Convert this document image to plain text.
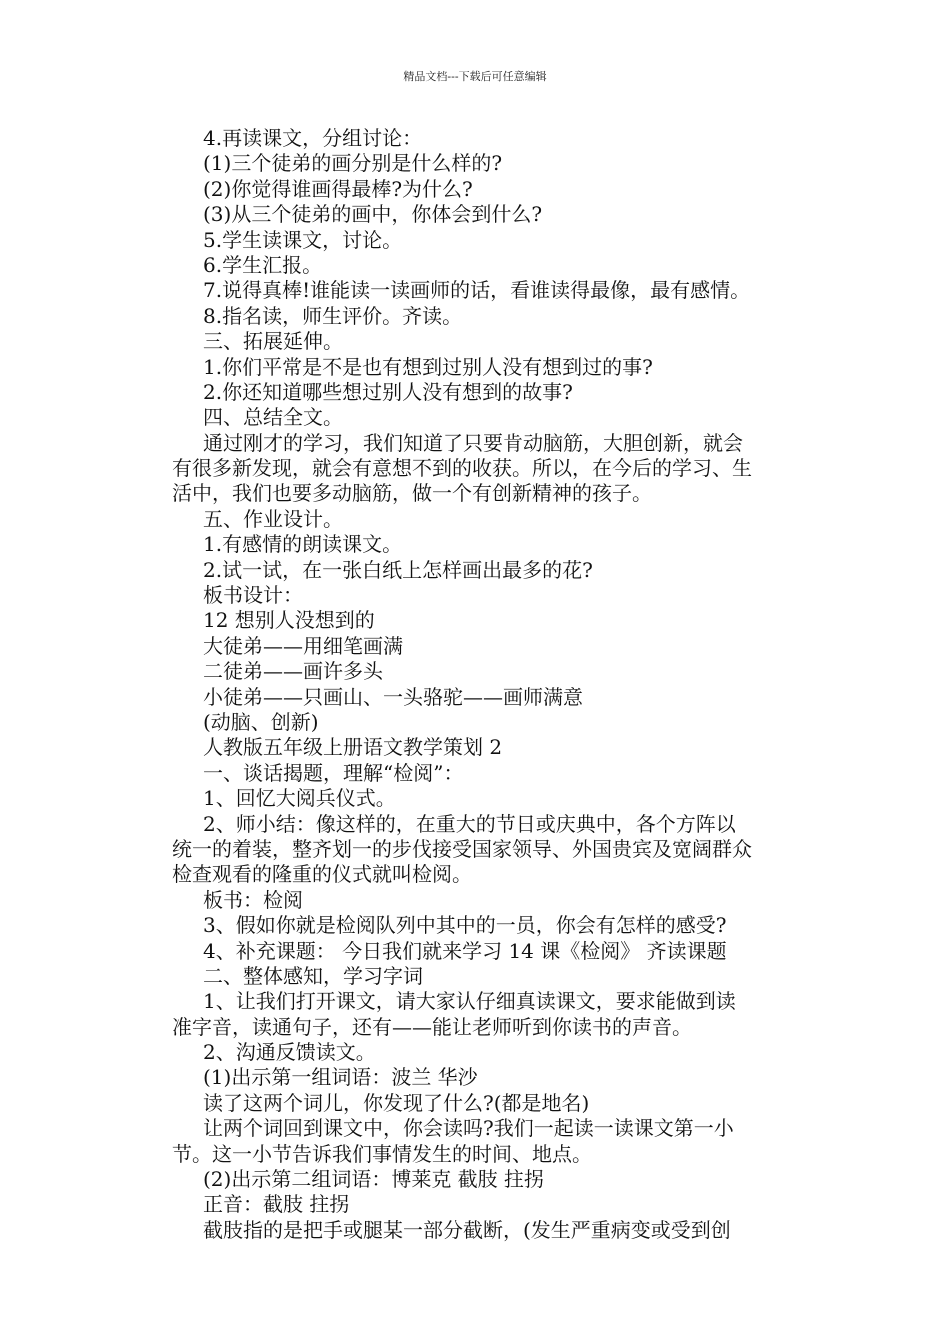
精品文档---下载后可任意编辑
4.再读课文，分组讨论：
(1)三个徒弟的画分别是什么样的?
(2)你觉得谁画得最棒?为什么?
(3)从三个徒弟的画中，你体会到什么?
5.学生读课文，讨论。
6.学生汇报。
7.说得真棒!谁能读一读画师的话，看谁读得最像，最有感情。
8.指名读，师生评价。齐读。
三、拓展延伸。
1.你们平常是不是也有想到过别人没有想到过的事?
2.你还知道哪些想过别人没有想到的故事?
四、总结全文。
通过刚才的学习，我们知道了只要肯动脑筋，大胆创新，就会
有很多新发现，就会有意想不到的收获。所以，在今后的学习、生
活中，我们也要多动脑筋，做一个有创新精神的孩子。
五、作业设计。
1.有感情的朗读课文。
2.试一试，在一张白纸上怎样画出最多的花?
板书设计：
12 想别人没想到的
大徒弟——用细笔画满
二徒弟——画许多头
小徒弟——只画山、一头骆驼——画师满意
(动脑、创新)
人教版五年级上册语文教学策划 2
一、谈话揭题，理解“检阅”：
1、回忆大阅兵仪式。
2、师小结：像这样的，在重大的节日或庆典中，各个方阵以
统一的着装，整齐划一的步伐接受国家领导、外国贵宾及宽阔群众
检查观看的隆重的仪式就叫检阅。
板书：检阅
3、假如你就是检阅队列中其中的一员，你会有怎样的感受?
4、补充课题： 今日我们就来学习 14 课《检阅》 齐读课题
二、整体感知，学习字词
1、让我们打开课文，请大家认仔细真读课文，要求能做到读
准字音，读通句子，还有——能让老师听到你读书的声音。
2、沟通反馈读文。
(1)出示第一组词语：波兰 华沙
读了这两个词儿，你发现了什么?(都是地名)
让两个词回到课文中，你会读吗?我们一起读一读课文第一小
节。这一小节告诉我们事情发生的时间、地点。
(2)出示第二组词语：博莱克 截肢 拄拐
正音：截肢 拄拐
截肢指的是把手或腿某一部分截断，(发生严重病变或受到创
